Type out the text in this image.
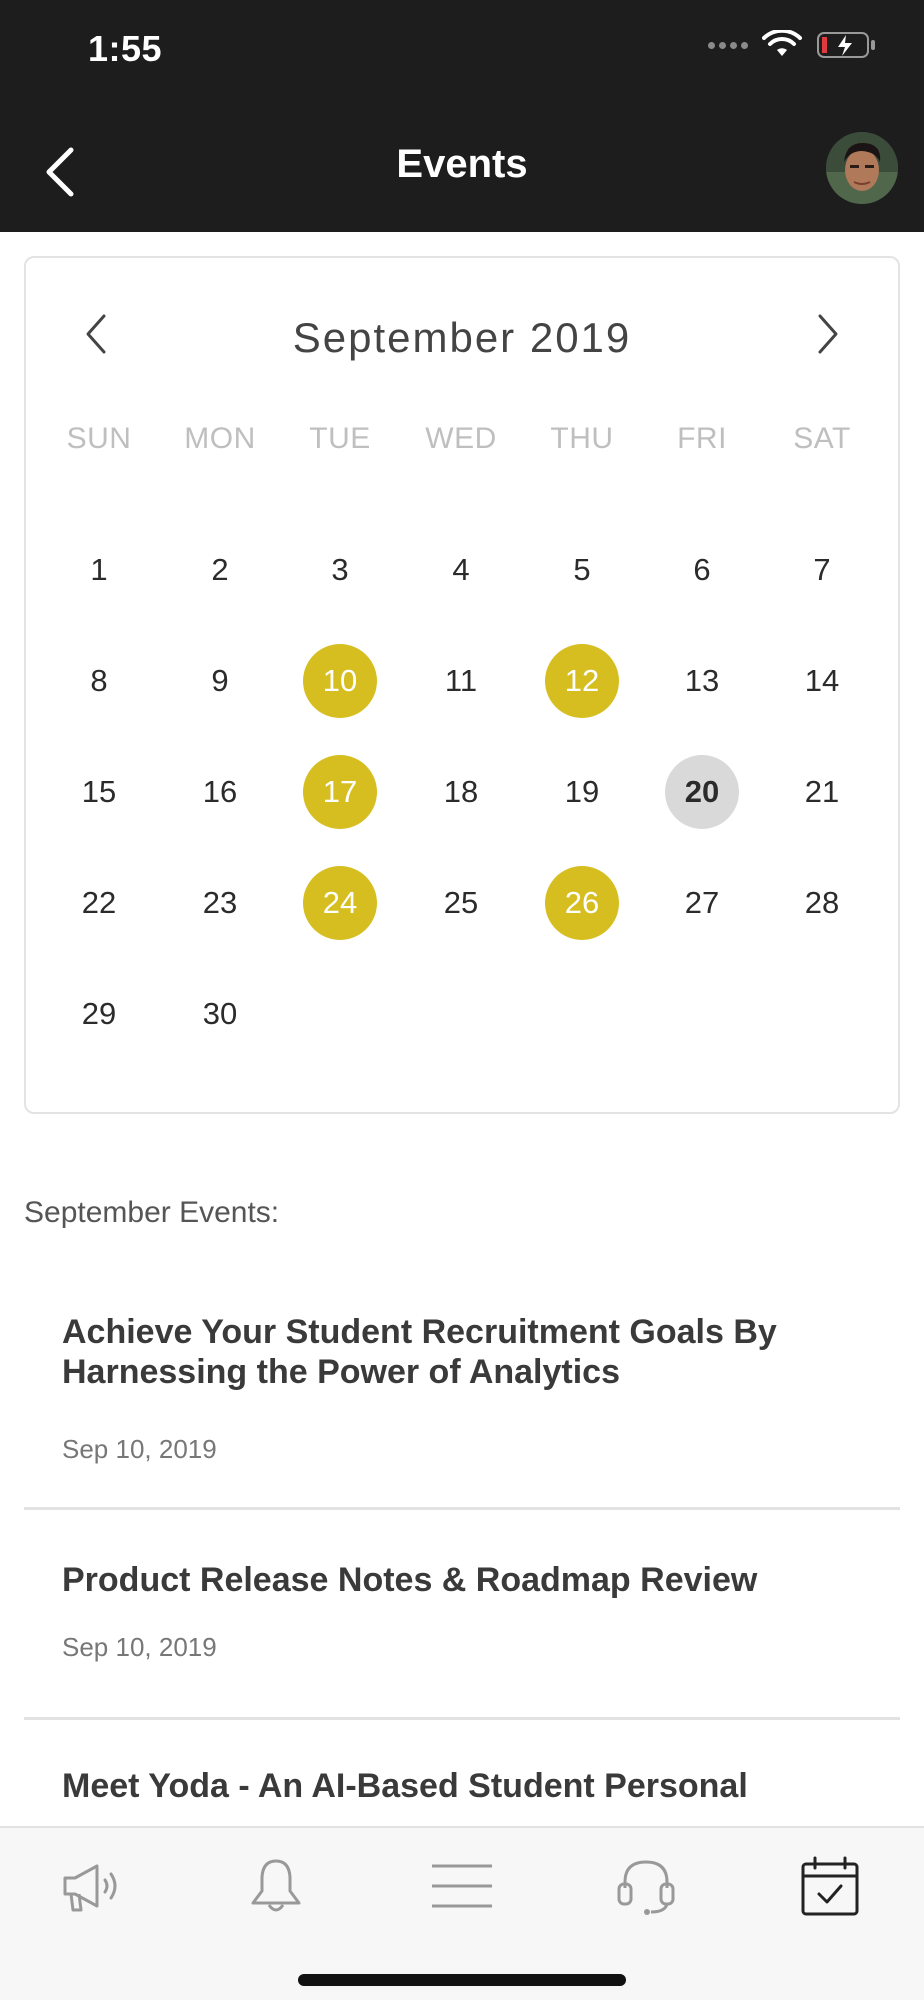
1:55
Events
September 2019
SUN	MON	TUE	WED	THU	FRI	SAT
1	2	3	4	5	6	7
8	9	10	11	12	13	14
15	16	17	18	19	20	21
22	23	24	25	26	27	28
29	30
September Events:
Achieve Your Student Recruitment Goals By Harnessing the Power of Analytics
Sep 10, 2019
Product Release Notes & Roadmap Review
Sep 10, 2019
Meet Yoda - An AI-Based Student Personal
